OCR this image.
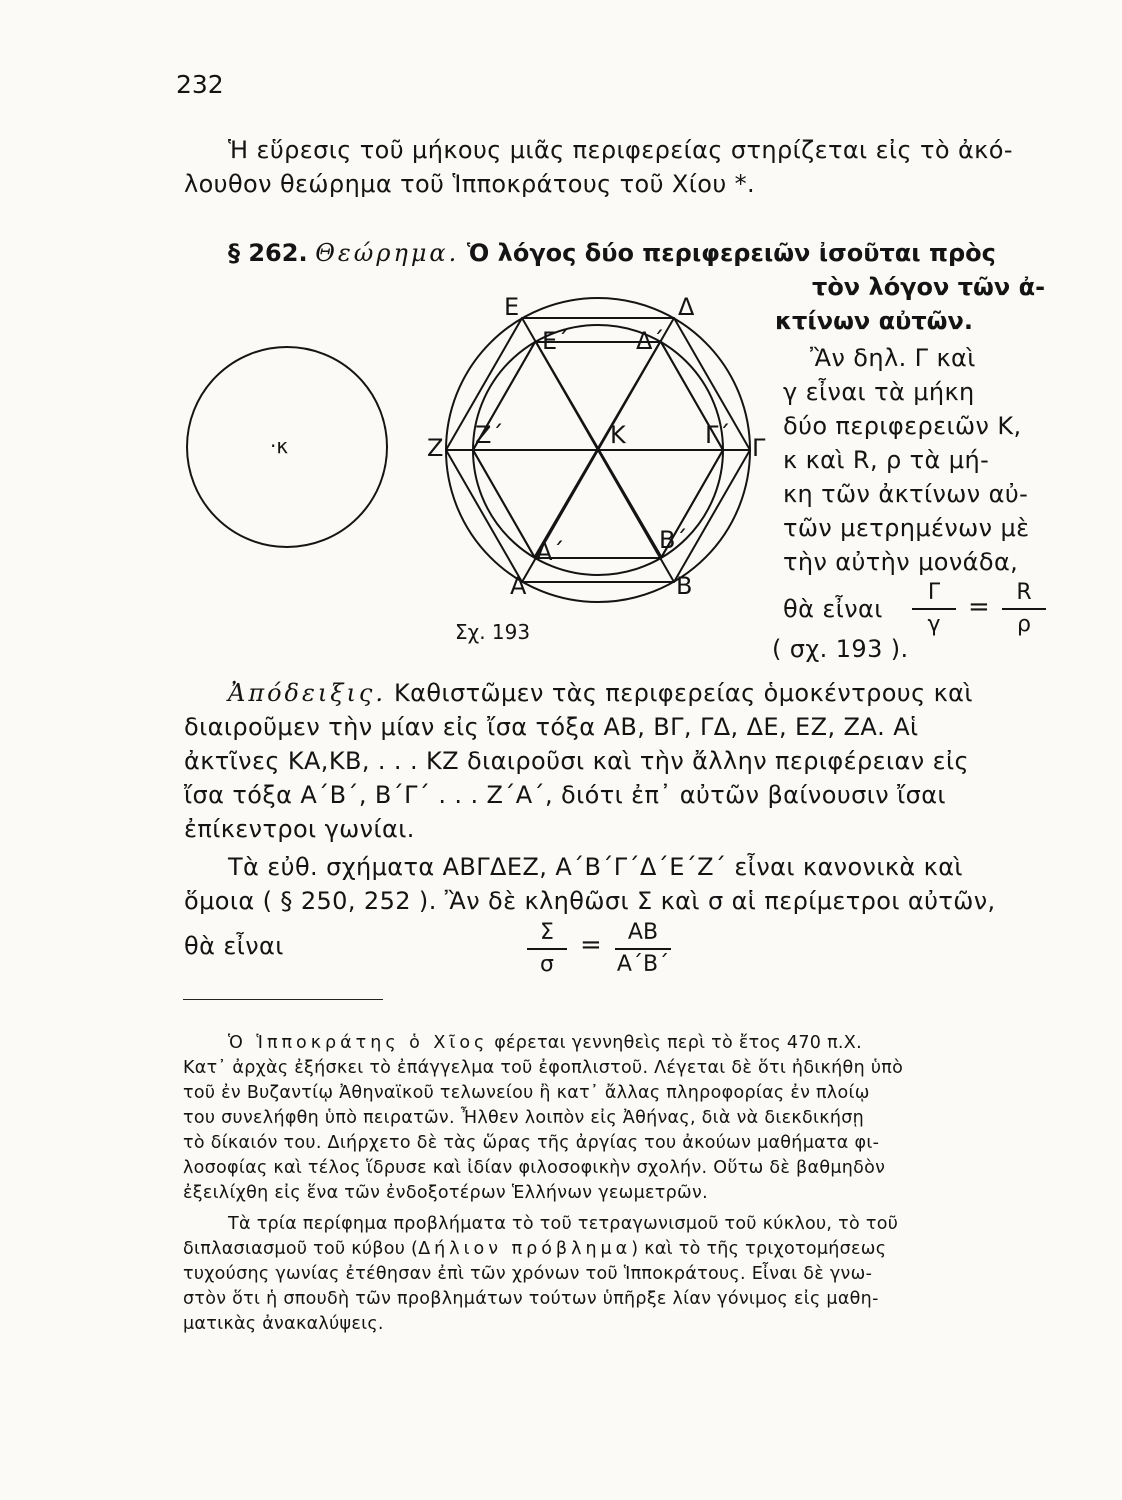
232
Ἡ εὕρεσις τοῦ μήκους μιᾶς περιφερείας στηρίζεται εἰς τὸ ἀκό-
λουθον θεώρημα τοῦ Ἱπποκράτους τοῦ Χίου *.
§ 262. Θεώρημα. Ὁ λόγος δύο περιφερειῶν ἰσοῦται πρὸς
τὸν λόγον τῶν ἀ-
κτίνων αὐτῶν.
Ἂν δηλ. Γ καὶ
γ εἶναι τὰ μήκη
δύο περιφερειῶν Κ,
κ καὶ R, ρ τὰ μή-
κη τῶν ἀκτίνων αὐ-
τῶν μετρημένων μὲ
τὴν αὐτὴν μονάδα,
θὰ εἶναι
Γ
γ
=	R
ρ
( σχ. 193 ).
·κ
Ε	Δ
Ε΄	Δ΄
Ζ Ζ΄	Κ	Γ΄ Γ
Β΄
Α΄
Α	Β
Σχ. 193
Ἀπόδειξις. Καθιστῶμεν τὰς περιφερείας ὁμοκέντρους καὶ
διαιροῦμεν τὴν μίαν εἰς ἴσα τόξα ΑΒ, ΒΓ, ΓΔ, ΔΕ, ΕΖ, ΖΑ. Αἱ
ἀκτῖνες ΚΑ,ΚΒ, . . . ΚΖ διαιροῦσι καὶ τὴν ἄλλην περιφέρειαν εἰς
ἴσα τόξα Α΄Β΄, Β΄Γ΄ . . . Ζ΄Α΄, διότι ἐπ᾽ αὐτῶν βαίνουσιν ἴσαι
ἐπίκεντροι γωνίαι.
Τὰ εὐθ. σχήματα ΑΒΓΔΕΖ, Α΄Β΄Γ΄Δ΄Ε΄Ζ΄ εἶναι κανονικὰ καὶ
ὅμοια ( § 250, 252 ). Ἂν δὲ κληθῶσι Σ καὶ σ αἱ περίμετροι αὐτῶν,
θὰ εἶναι	Σ
σ
=	ΑΒ
Α΄Β΄
Ὁ Ἱπποκράτης ὁ Χῖος φέρεται γεννηθεὶς περὶ τὸ ἔτος 470 π.Χ.
Κατ᾽ ἀρχὰς ἐξήσκει τὸ ἐπάγγελμα τοῦ ἐφοπλιστοῦ. Λέγεται δὲ ὅτι ἠδικήθη ὑπὸ
τοῦ ἐν Βυζαντίῳ Ἀθηναϊκοῦ τελωνείου ἢ κατ᾽ ἄλλας πληροφορίας ἐν πλοίῳ
του συνελήφθη ὑπὸ πειρατῶν. Ἦλθεν λοιπὸν εἰς Ἀθήνας, διὰ νὰ διεκδικήσῃ
τὸ δίκαιόν του. Διήρχετο δὲ τὰς ὥρας τῆς ἀργίας του ἀκούων μαθήματα φι-
λοσοφίας καὶ τέλος ἵδρυσε καὶ ἰδίαν φιλοσοφικὴν σχολήν. Οὕτω δὲ βαθμηδὸν
ἐξειλίχθη εἰς ἕνα τῶν ἐνδοξοτέρων Ἑλλήνων γεωμετρῶν.
Τὰ τρία περίφημα προβλήματα τὸ τοῦ τετραγωνισμοῦ τοῦ κύκλου, τὸ τοῦ
διπλασιασμοῦ τοῦ κύβου (Δήλιον πρόβλημα) καὶ τὸ τῆς τριχοτομήσεως
τυχούσης γωνίας ἐτέθησαν ἐπὶ τῶν χρόνων τοῦ Ἱπποκράτους. Εἶναι δὲ γνω-
στὸν ὅτι ἡ σπουδὴ τῶν προβλημάτων τούτων ὑπῆρξε λίαν γόνιμος εἰς μαθη-
ματικὰς ἀνακαλύψεις.
